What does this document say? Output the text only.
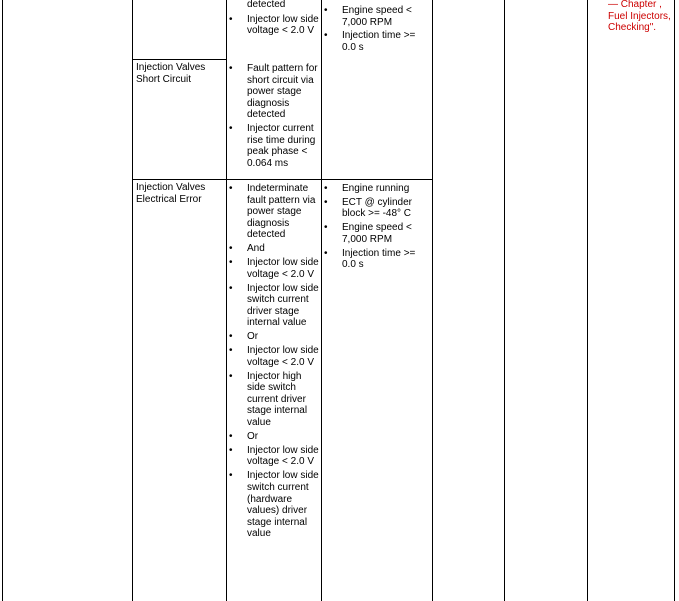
detected
• Injector low side voltage < 2.0 V
• Engine speed < 7,000 RPM
• Injection time >= 0.0 s
— Chapter , Fuel Injectors, Checking".
Injection Valves Short Circuit
• Fault pattern for short circuit via power stage diagnosis detected
• Injector current rise time during peak phase < 0.064 ms
Injection Valves Electrical Error
• Indeterminate fault pattern via power stage diagnosis detected
• And
• Injector low side voltage < 2.0 V
• Injector low side switch current driver stage internal value
• Or
• Injector low side voltage < 2.0 V
• Injector high side switch current driver stage internal value
• Or
• Injector low side voltage < 2.0 V
• Injector low side switch current (hardware values) driver stage internal value
• Engine running
• ECT @ cylinder block >= -48° C
• Engine speed < 7,000 RPM
• Injection time >= 0.0 s
